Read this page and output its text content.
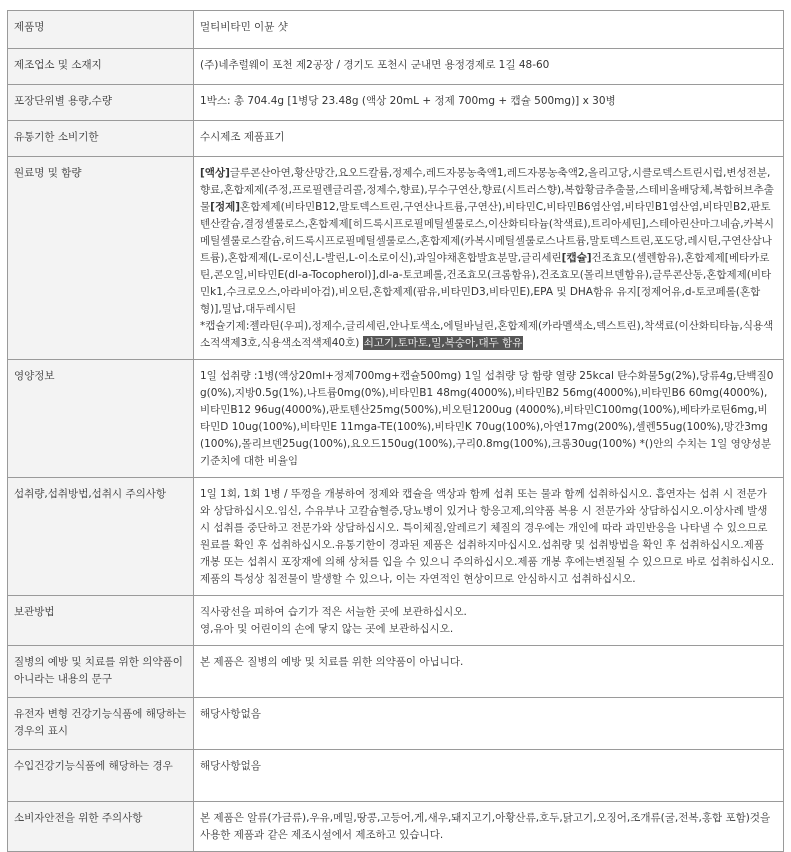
제품명	멀티비타민 이뮨 샷
제조업소 및 소재지	(주)네추럴웨이 포천 제2공장 / 경기도 포천시 군내면 용정경제로 1길 48-60
포장단위별 용량,수량	1박스: 총 704.4g [1병당 23.48g (액상 20mL + 정제 700mg + 캡슐 500mg)] x 30병
유통기한 소비기한	수시제조 제품표기
원료명 및 함량	[액상]글루콘산아연,황산망간,요오드칼륨,정제수,레드자몽농축액1,레드자몽농축액2,올리고당,시클로덱스트린시럽,변성전분,향료,혼합제제(주정,프로필렌글리콜,정제수,향료),무수구연산,향료(시트러스향),복합황금추출물,스테비올배당체,복합허브추출물[정제]혼합제제(비타민B12,말토덱스트린,구연산나트륨,구연산),비타민C,비타민B6염산염,비타민B1염산염,비타민B2,판토텐산칼슘,결정셀룰로스,혼합제제[히드록시프로필메틸셀룰로스,이산화티타늄(착색료),트리아세틴],스테아린산마그네슘,카복시메틸셀룰로스칼슘,히드록시프로필메틸셀룰로스,혼합제제(카복시메틸셀룰로스나트륨,말토덱스트린,포도당,레시틴,구연산삼나트륨),혼합제제(L-로이신,L-발린,L-이소로이신),과일야채혼합발효분말,글리세린[캡슐]건조효모(셀렌함유),혼합제제[베타카로틴,콘오일,비타민E(dl-a-Tocopherol)],dl-a-토코페롤,건조효모(크롬함유),건조효모(몰리브덴함유),글루콘산동,혼합제제(비타민k1,수크로오스,아라비아검),비오틴,혼합제제(팜유,비타민D3,비타민E),EPA 및 DHA함유 유지[정제어유,d-토코페롤(혼합형)],밀납,대두레시틴
*캡슐기제:젤라틴(우피),정제수,글리세린,안나토색소,에틸바닐린,혼합제제(카라멜색소,덱스트린),착색료(이산화티타늄,식용색소적색제3호,식용색소적색제40호) 쇠고기,토마토,밀,복숭아,대두 함유

영양정보	1일 섭취량 :1병(액상20ml+정제700mg+캡슐500mg) 1일 섭취량 당 함량 열량 25kcal 탄수화물5g(2%),당류4g,단백질0g(0%),지방0.5g(1%),나트륨0mg(0%),비타민B1 48mg(4000%),비타민B2 56mg(4000%),비타민B6 60mg(4000%),비타민B12 96ug(4000%),판토텐산25mg(500%),비오틴1200ug (4000%),비타민C100mg(100%),베타카로틴6mg,비타민D 10ug(100%),비타민E 11mga-TE(100%),비타민K 70ug(100%),아연17mg(200%),셀렌55ug(100%),망간3mg(100%),몰리브덴25ug(100%),요오드150ug(100%),구리0.8mg(100%),크롬30ug(100%) *()안의 수치는 1일 영양성분 기준치에 대한 비율임
섭취량,섭취방법,섭취시 주의사항	1일 1회, 1회 1병 / 뚜껑을 개봉하여 정제와 캡슐을 액상과 함께 섭취 또는 물과 함께 섭취하십시오. 흡연자는 섭취 시 전문가와 상담하십시오.임신, 수유부나 고칼슘혈증,당뇨병이 있거나 항응고제,의약품 복용 시 전문가와 상담하십시오.이상사례 발생시 섭취를 중단하고 전문가와 상담하십시오. 특이체질,알레르기 체질의 경우에는 개인에 따라 과민반응을 나타낼 수 있으므로 원료를 확인 후 섭취하십시오.유통기한이 경과된 제품은 섭취하지마십시오.섭취량 및 섭취방법을 확인 후 섭취하십시오.제품 개봉 또는 섭취시 포장재에 의해 상처를 입을 수 있으니 주의하십시오.제품 개봉 후에는변질될 수 있으므로 바로 섭취하십시오.제품의 특성상 침전물이 발생할 수 있으나, 이는 자연적인 현상이므로 안심하시고 섭취하십시오.
보관방법	직사광선을 피하여 습기가 적은 서늘한 곳에 보관하십시오.
영,유아 및 어린이의 손에 닿지 않는 곳에 보관하십시오.

질병의 예방 및 치료를 위한 의약품이 아니라는 내용의 문구	본 제품은 질병의 예방 및 치료를 위한 의약품이 아닙니다.
유전자 변형 건강기능식품에 해당하는경우의 표시	해당사항없음
수입건강기능식품에 해당하는 경우	해당사항없음
소비자안전을 위한 주의사항	본 제품은 알류(가금류),우유,메밀,땅콩,고등어,게,새우,돼지고기,아황산류,호두,닭고기,오징어,조개류(굴,전복,홍합 포함)것을 사용한 제품과 같은 제조시설에서 제조하고 있습니다.
